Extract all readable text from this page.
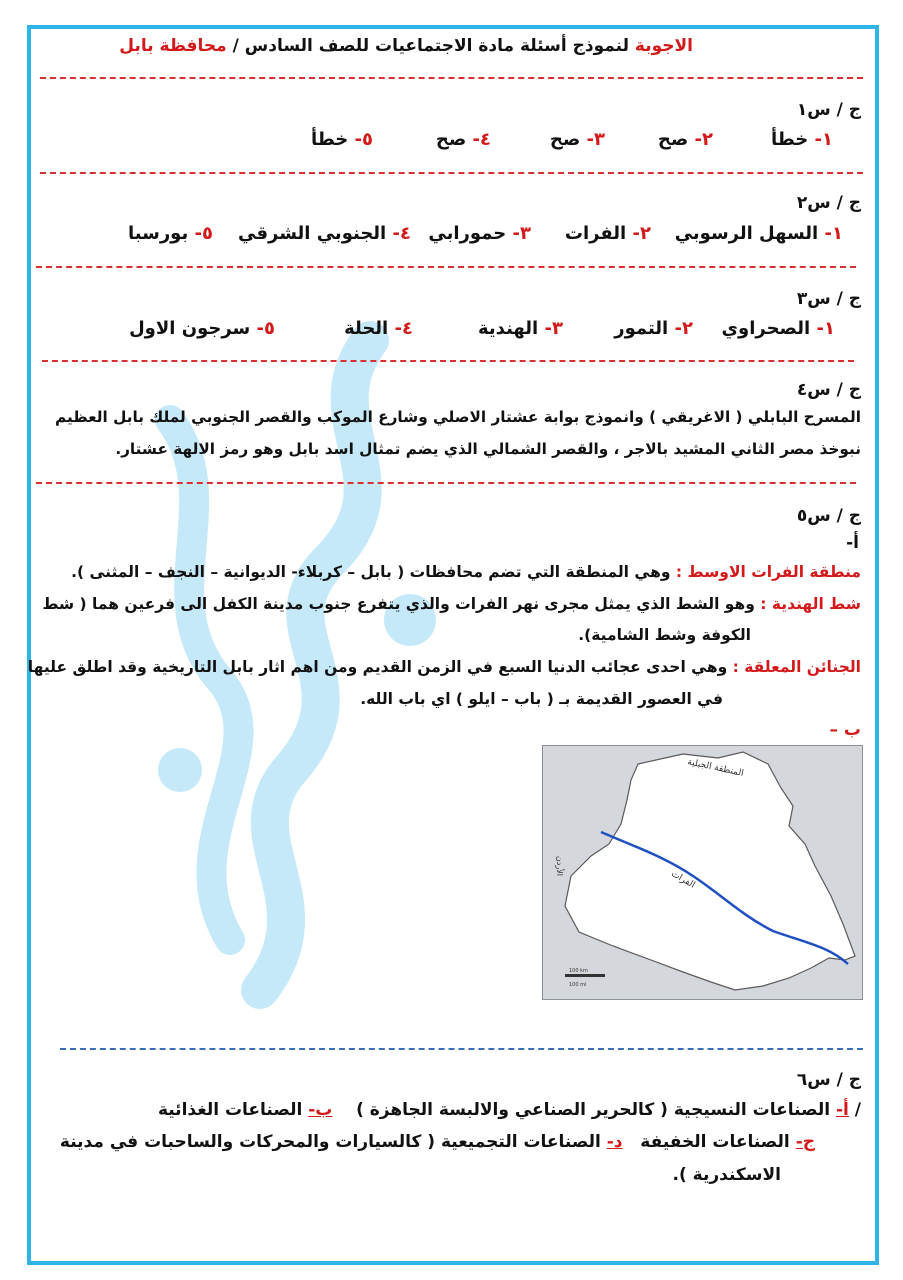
الاجوبة لنموذج أسئلة مادة الاجتماعيات للصف السادس / محافظة بابل
ج / س١
١- خطأ
٢- صح
٣- صح
٤- صح
٥- خطأ
ج / س٢
١- السهل الرسوبي
٢- الفرات
٣- حمورابي
٤- الجنوبي الشرقي
٥- بورسبا
ج / س٣
١- الصحراوي
٢- التمور
٣- الهندية
٤- الحلة
٥- سرجون الاول
ج / س٤
المسرح البابلي ( الاغريقي ) وانموذج بوابة عشتار الاصلي وشارع الموكب والقصر الجنوبي لملك بابل العظيم
نبوخذ مصر الثاني المشيد بالاجر ، والقصر الشمالي الذي يضم تمثال اسد بابل وهو رمز الالهة عشتار.
ج / س٥
أ-
منطقة الفرات الاوسط : وهي المنطقة التي تضم محافظات ( بابل – كربلاء- الديوانية – النجف – المثنى ).
شط الهندية : وهو الشط الذي يمثل مجرى نهر الفرات والذي يتفرع جنوب مدينة الكفل الى فرعين هما ( شط
الكوفة وشط الشامية).
الجنائن المعلقة : وهي احدى عجائب الدنيا السبع في الزمن القديم ومن اهم اثار بابل التاريخية وقد اطلق عليها
في العصور القديمة بـ ( باب – ايلو ) اي باب الله.
ب –
المنطقة الجبلية
الفرات
الأردن
100 km
100 mi
ج / س٦
/ أ- الصناعات النسيجية ( كالحرير الصناعي والالبسة الجاهزة )    ب- الصناعات الغذائية
ج- الصناعات الخفيفة   د- الصناعات التجميعية ( كالسيارات والمحركات والساحبات في مدينة
الاسكندرية ).
